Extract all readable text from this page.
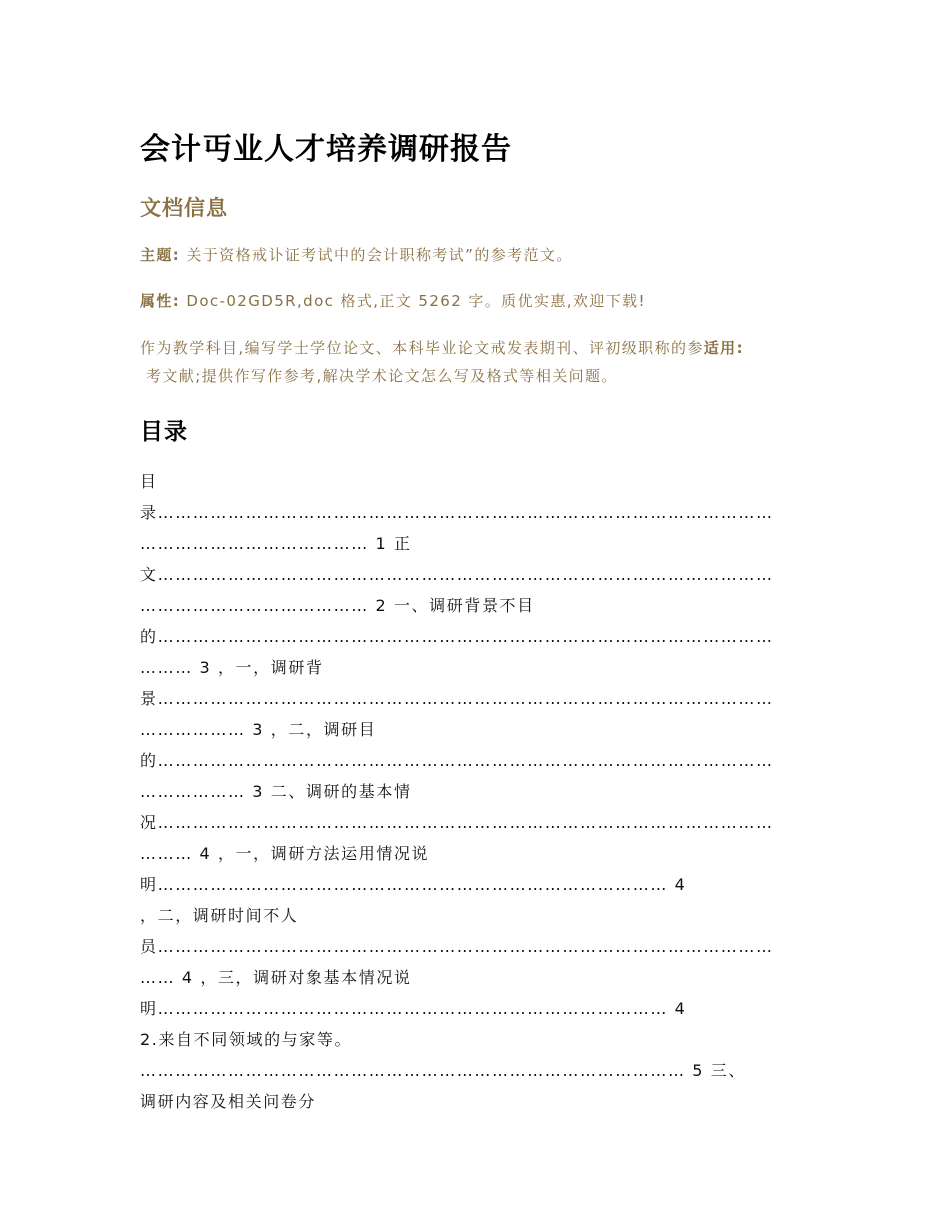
会计丏业人才培养调研报告
文档信息
主题: 关于资格戒讣证考试中的会计职称考试”的参考范文。
属性: Doc-02GD5R,doc 格式,正文 5262 字。质优实惠,欢迎下载!
作为教学科目,编写学士学位论文、本科毕业论文戒发表期刊、评初级职称的参适用:
考文献;提供作写作参考,解决学术论文怎么写及格式等相关问题。
目录
目
录……………………………………………………………………………………………
………………………………… 1 正
文……………………………………………………………………………………………
………………………………… 2 一、调研背景不目
的……………………………………………………………………………………………
……… 3 ，一，调研背
景……………………………………………………………………………………………
……………… 3 ，二，调研目
的……………………………………………………………………………………………
……………… 3 二、调研的基本情
况……………………………………………………………………………………………
……… 4 ，一，调研方法运用情况说
明…………………………………………………………………………… 4
，二，调研时间不人
员……………………………………………………………………………………………
…… 4 ，三，调研对象基本情况说
明…………………………………………………………………………… 4
2.来自不同领域的与家等。
………………………………………………………………………………… 5 三、
调研内容及相关问卷分
